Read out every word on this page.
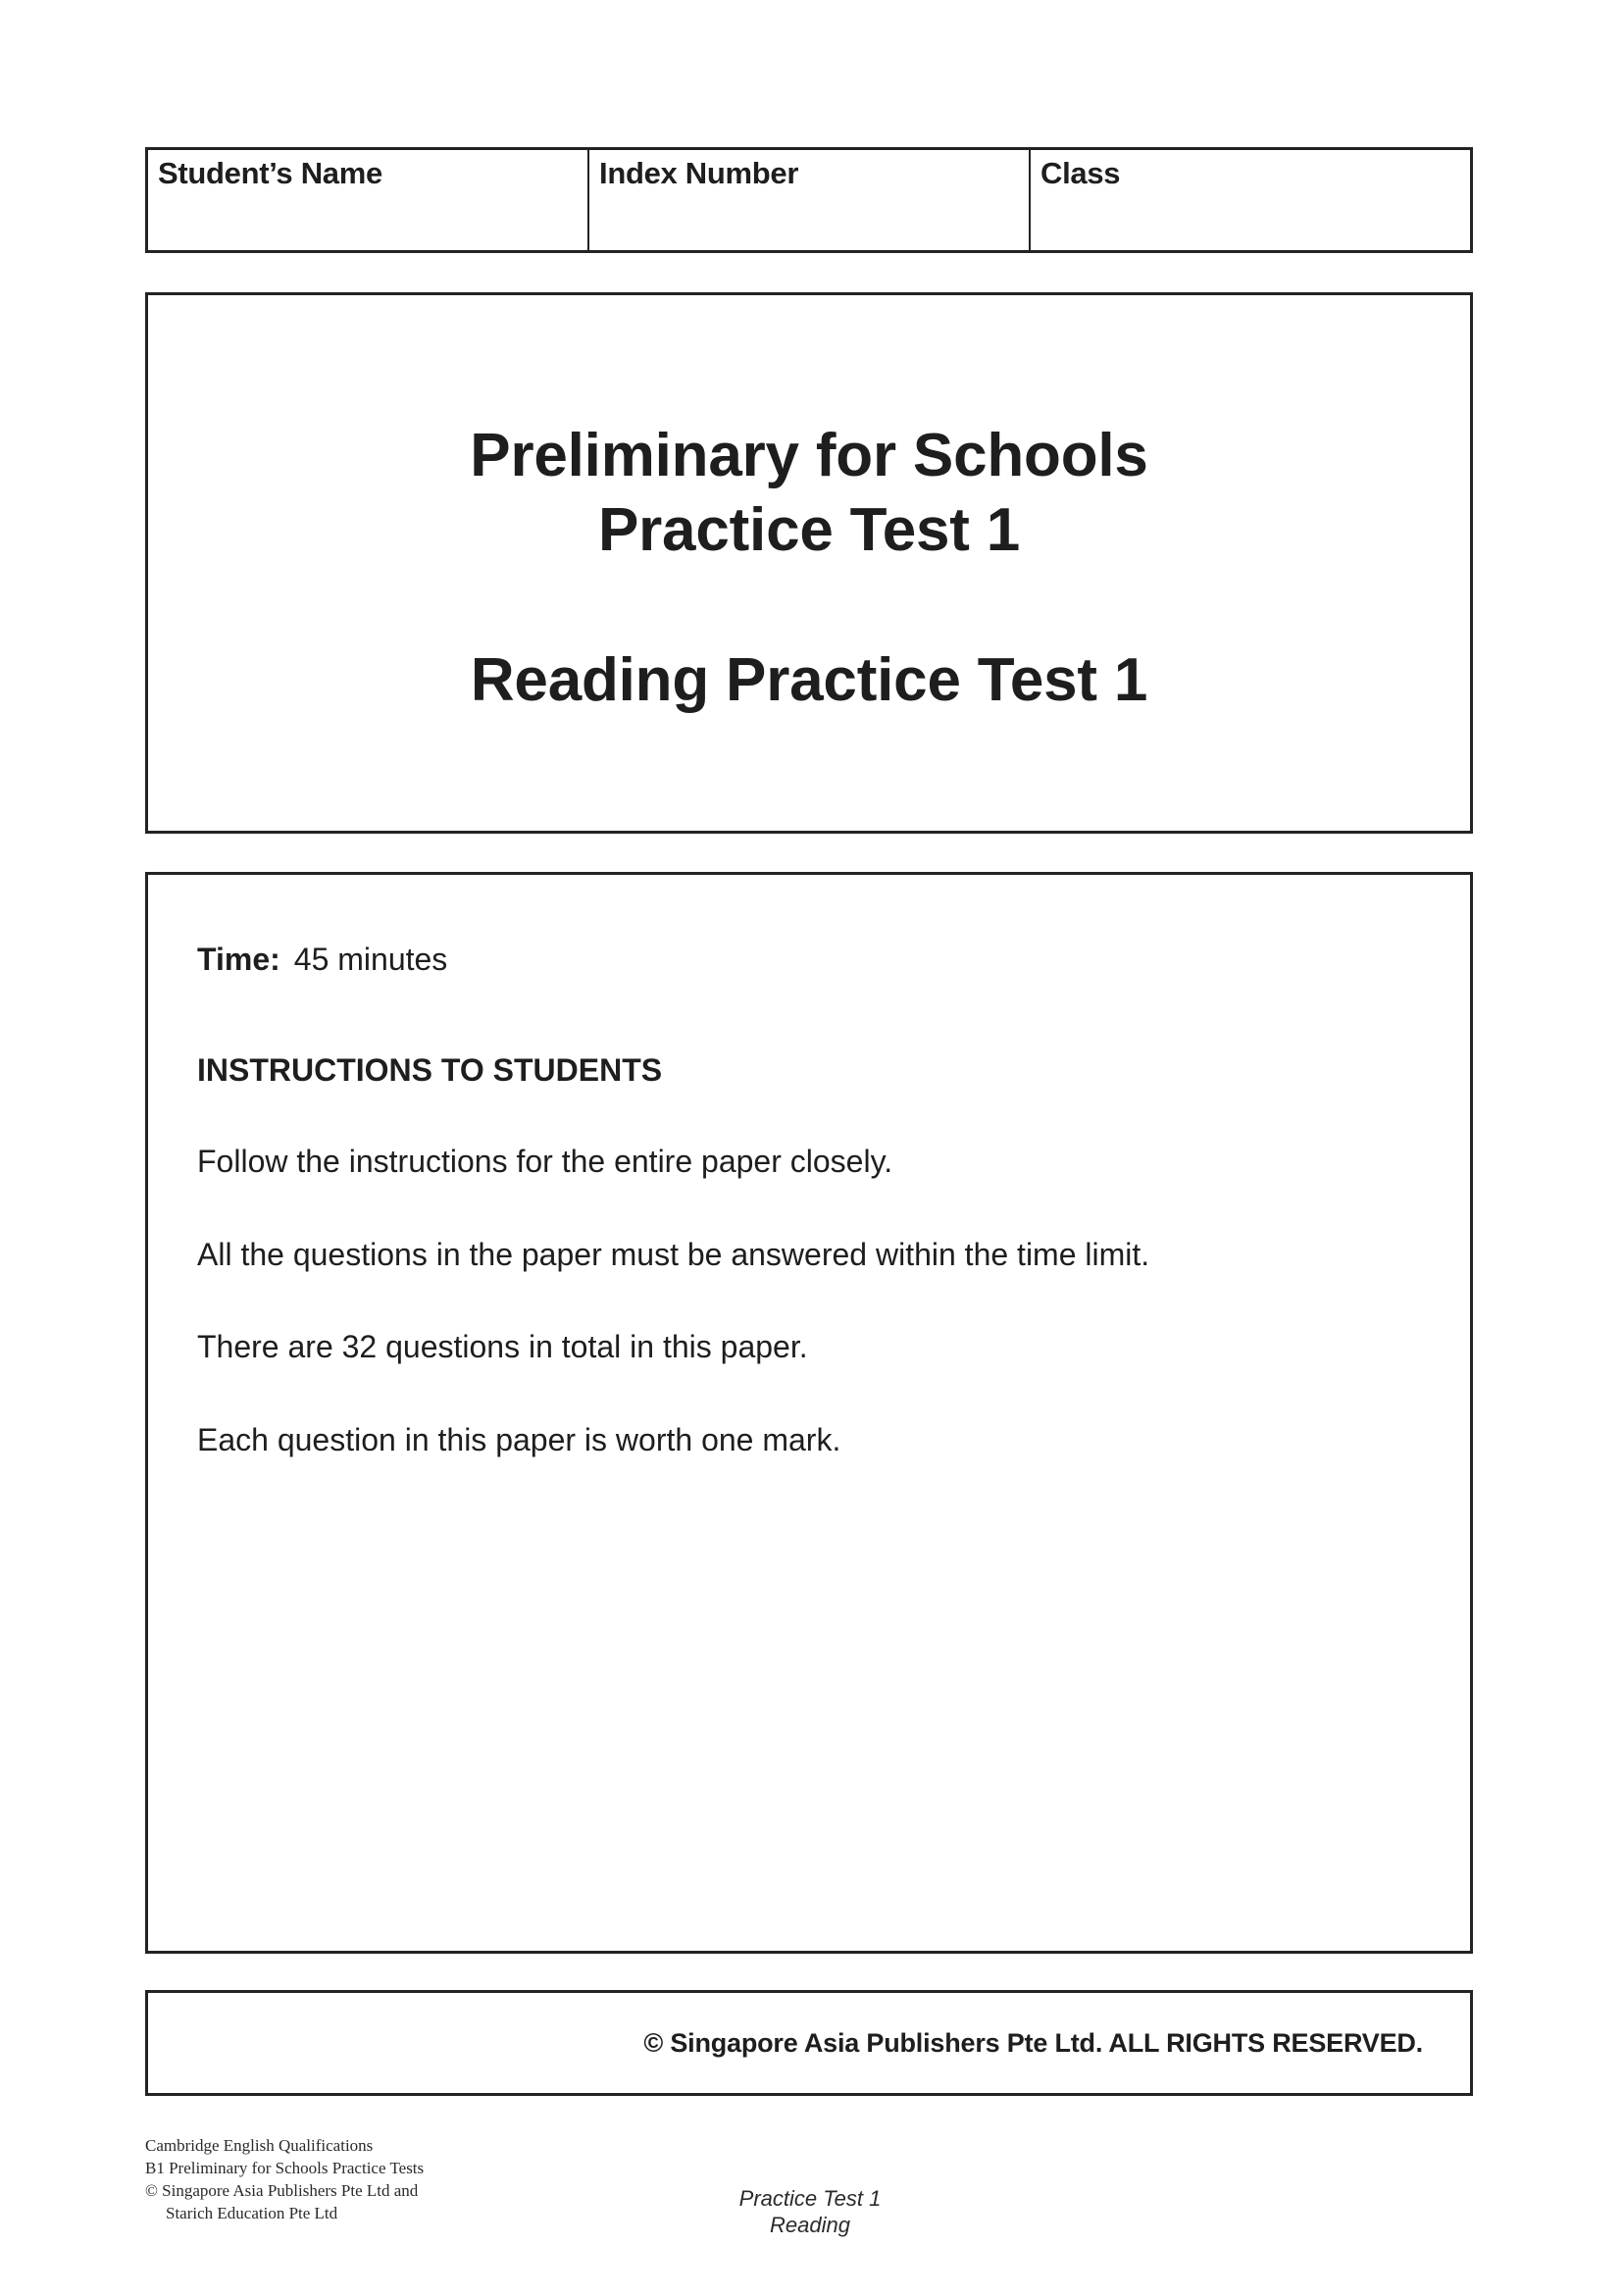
Student’s Name	Index Number	Class
Preliminary for Schools
Practice Test 1
Reading Practice Test 1
Time: 45 minutes
INSTRUCTIONS TO STUDENTS
Follow the instructions for the entire paper closely.
All the questions in the paper must be answered within the time limit.
There are 32 questions in total in this paper.
Each question in this paper is worth one mark.
© Singapore Asia Publishers Pte Ltd. ALL RIGHTS RESERVED.
Cambridge English Qualifications
B1 Preliminary for Schools Practice Tests
© Singapore Asia Publishers Pte Ltd and
Starich Education Pte Ltd
Practice Test 1
Reading
